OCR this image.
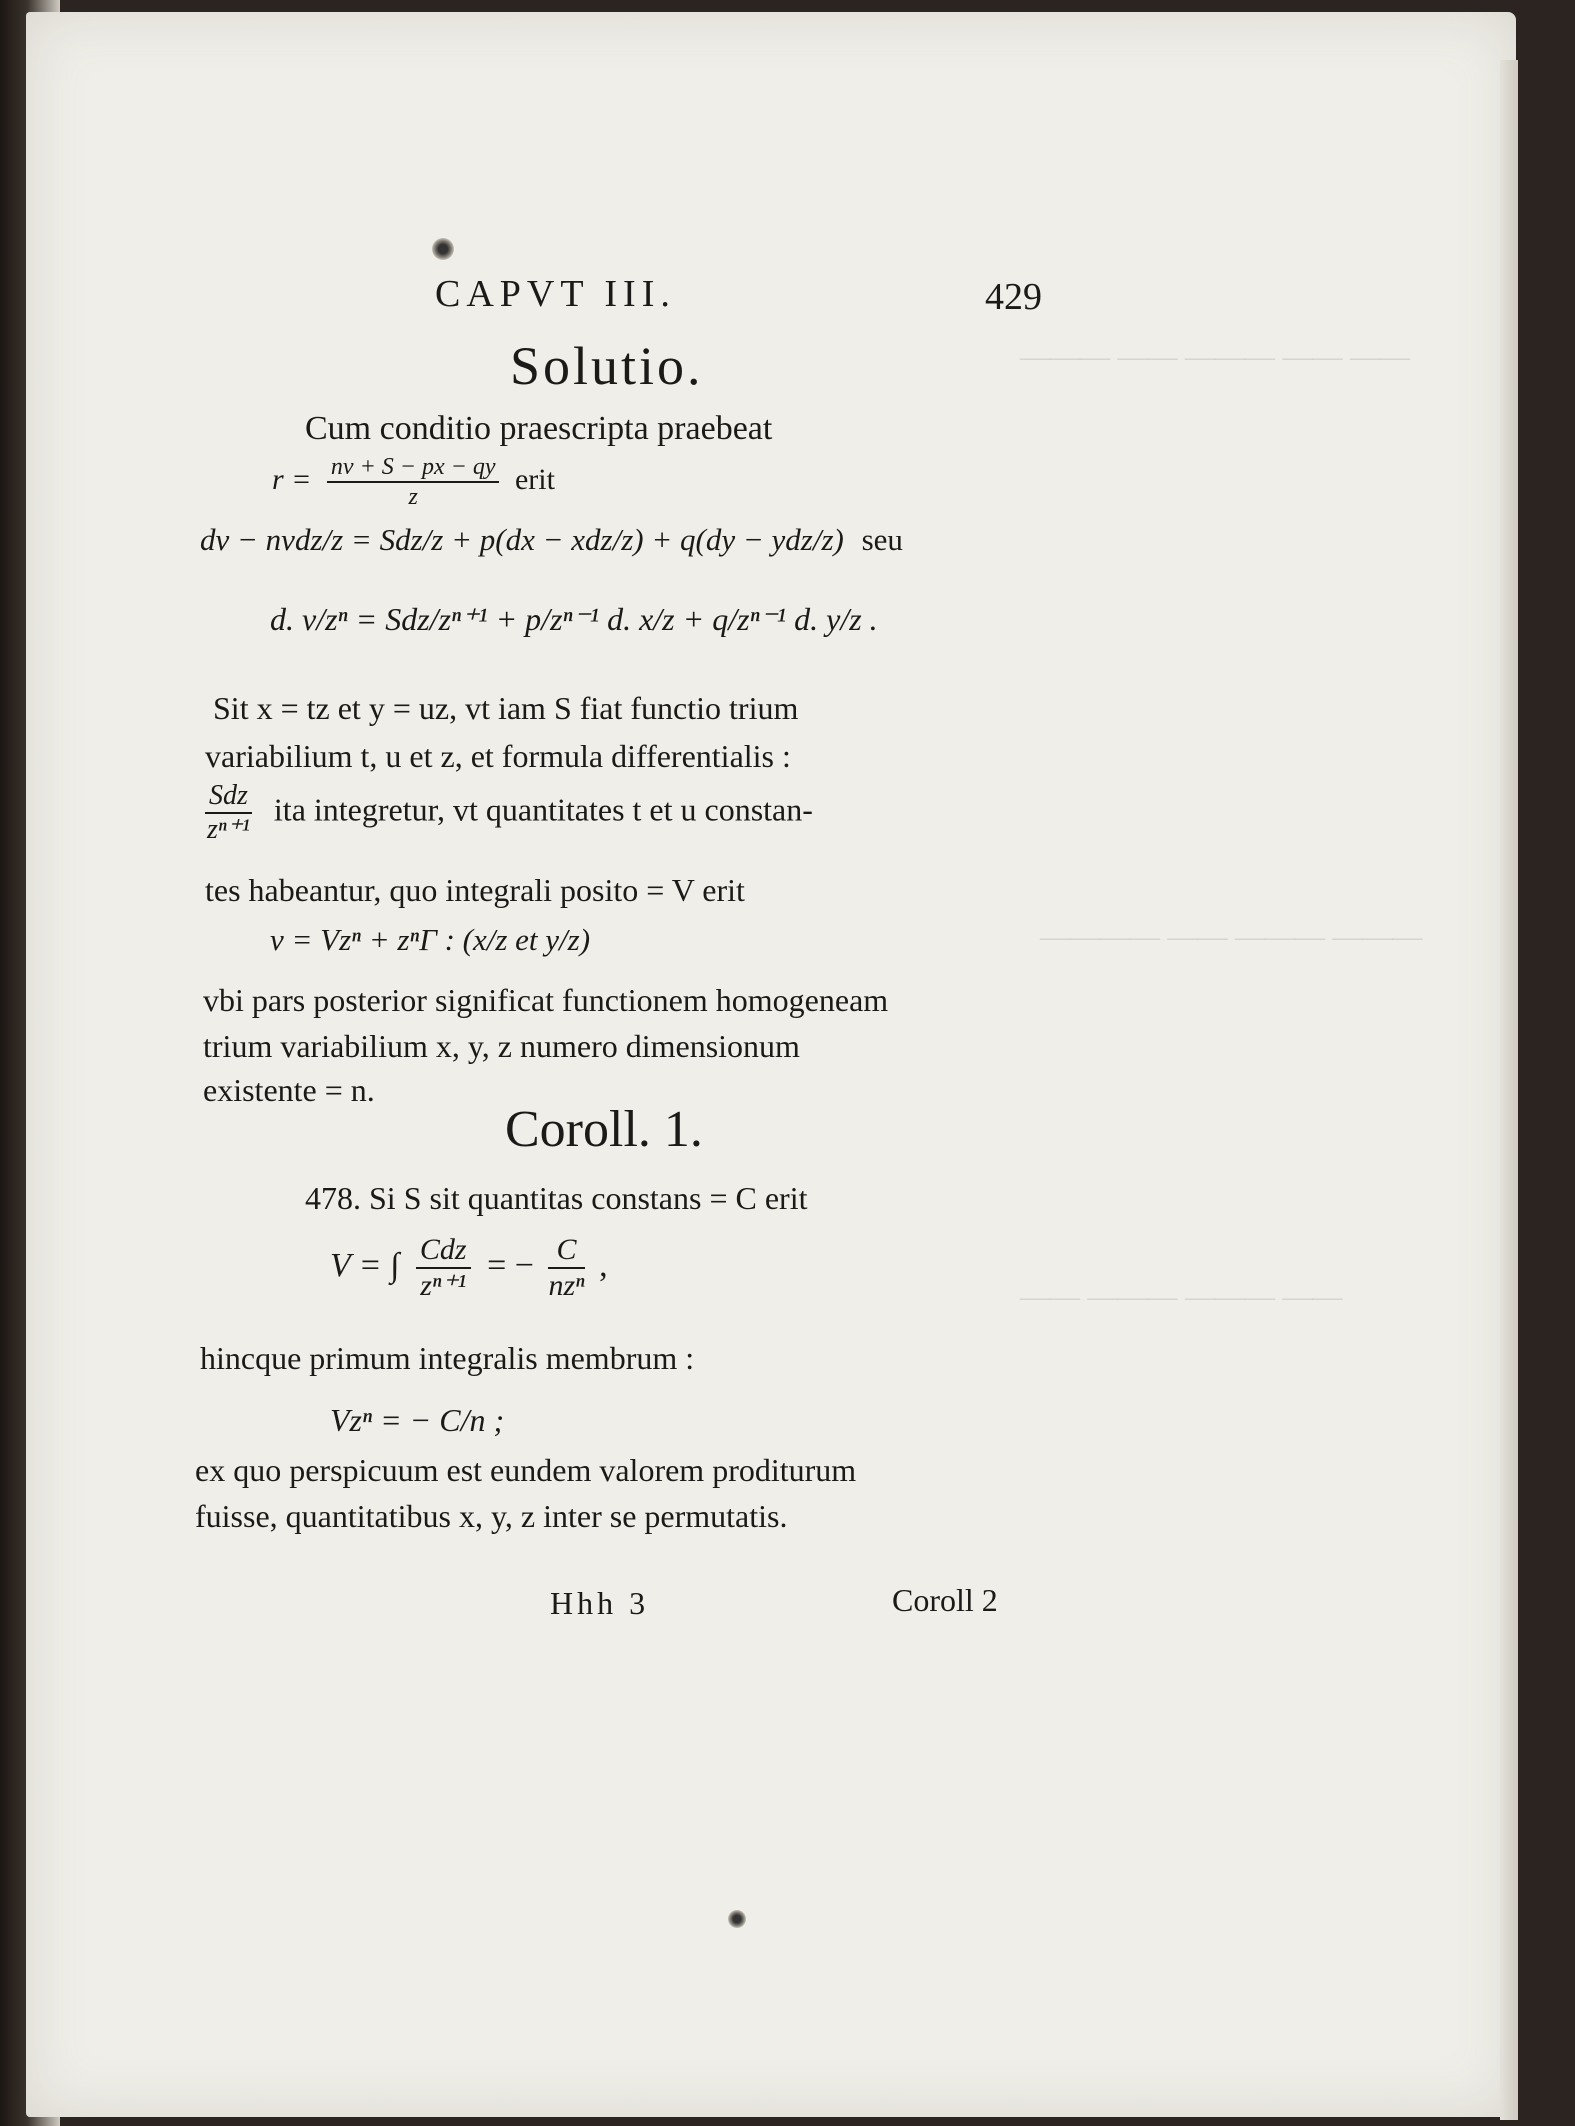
—— —— ——— —— ———
——— ——— —— ————
—— ——— ——— ——
CAPVT III.	429
Solutio.
Cum conditio praescripta praebeat
$r = \frac{nv + S - px - qy}{z}$ erit
dv − nvdz/z = Sdz/z + p(dx − xdz/z) + q(dy − ydz/z) seu
d. v/zⁿ = Sdz/zⁿ⁺¹ + p/zⁿ⁻¹ d. x/z + q/zⁿ⁻¹ d. y/z .
Sit x = tz et y = uz, vt iam S fiat functio trium
variabilium t, u et z, et formula differentialis :
$\frac{\text{Sdz}}{\text{zⁿ⁺¹}}$ ita integretur, vt quantitates t et u constan-
tes habeantur, quo integrali posito = V erit
v = Vzⁿ + zⁿΓ : (x/z et y/z)
vbi pars posterior significat functionem homogeneam
trium variabilium x, y, z numero dimensionum
existente = n.
Coroll. 1.
478. Si S sit quantitas constans = C erit
V = ∫ $\frac{\text{Cdz}}{\text{zⁿ⁺¹}}$ = − $\frac{C}{\text{nzⁿ}}$ ,
hincque primum integralis membrum :
Vzⁿ = − C/n ;
ex quo perspicuum est eundem valorem proditurum
fuisse, quantitatibus x, y, z inter se permutatis.
Hhh 3	Coroll 2
